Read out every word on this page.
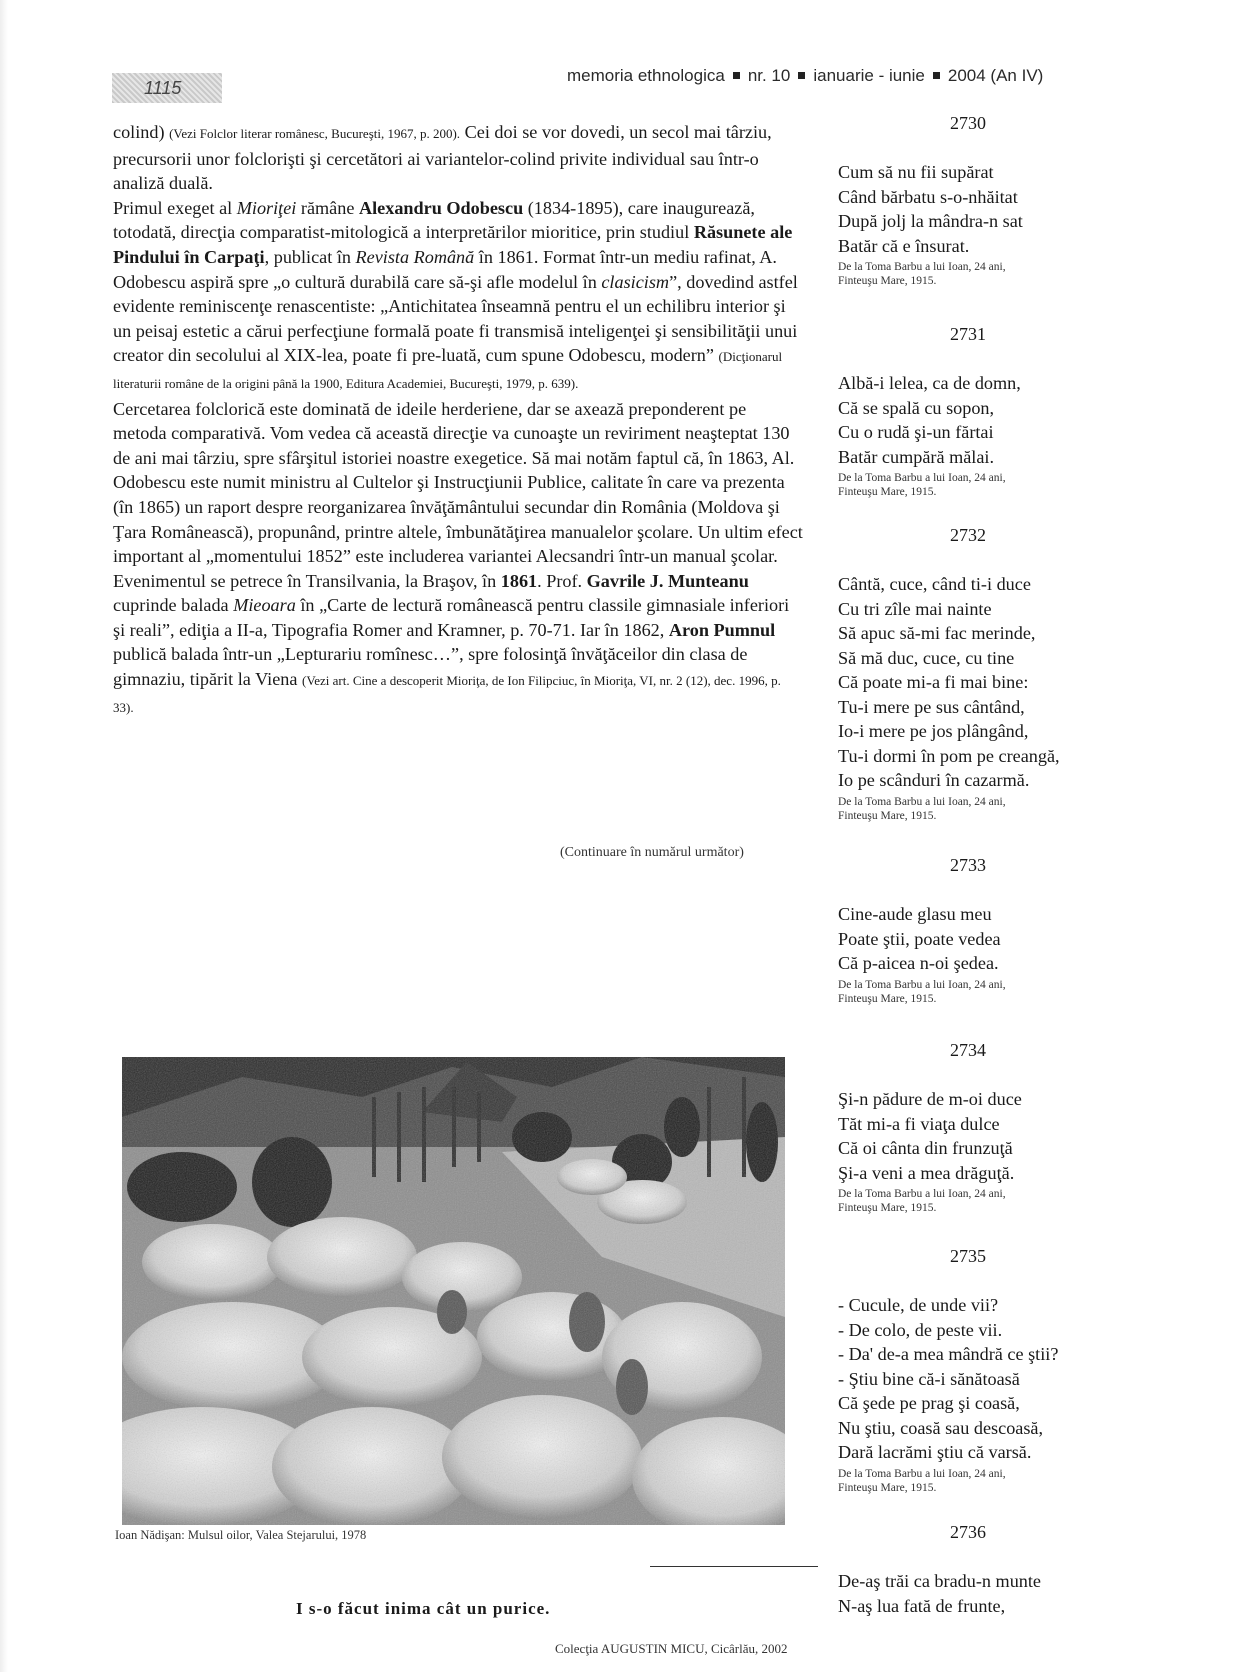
1115
memoria ethnologica nr. 10 ianuarie - iunie 2004 (An IV)

colind) (Vezi Folclor literar românesc, Bucureşti, 1967, p. 200). Cei doi se vor dovedi, un secol mai târziu, precursorii unor folclorişti şi cercetători ai variantelor-colind privite individual sau într-o analiză duală.

Primul exeget al Mioriţei rămâne Alexandru Odobescu (1834-1895), care inaugurează, totodată, direcţia comparatist-mitologică a interpretărilor mioritice, prin studiul Răsunete ale Pindului în Carpaţi, publicat în Revista Română în 1861. Format într-un mediu rafinat, A. Odobescu aspiră spre „o cultură durabilă care să-şi afle modelul în clasicism”, dovedind astfel evidente reminiscenţe renascentiste: „Antichitatea înseamnă pentru el un echilibru interior şi un peisaj estetic a cărui perfecţiune formală poate fi transmisă inteligenţei şi sensibilităţii unui creator din secolului al XIX-lea, poate fi pre-luată, cum spune Odobescu, modern” (Dicţionarul literaturii române de la origini până la 1900, Editura Academiei, Bucureşti, 1979, p. 639).

Cercetarea folclorică este dominată de ideile herderiene, dar se axează preponderent pe metoda comparativă. Vom vedea că această direcţie va cunoaşte un reviriment neaşteptat 130 de ani mai târziu, spre sfârşitul istoriei noastre exegetice. Să mai notăm faptul că, în 1863, Al. Odobescu este numit ministru al Cultelor şi Instrucţiunii Publice, calitate în care va prezenta (în 1865) un raport despre reorganizarea învăţământului secundar din România (Moldova şi Ţara Românească), propunând, printre altele, îmbunătăţirea manualelor şcolare. Un ultim efect important al „momentului 1852” este includerea variantei Alecsandri într-un manual şcolar. Evenimentul se petrece în Transilvania, la Braşov, în 1861. Prof. Gavrile J. Munteanu cuprinde balada Mieoara în „Carte de lectură românească pentru classile gimnasiale inferiori şi reali”, ediţia a II-a, Tipografia Romer and Kramner, p. 70-71. Iar în 1862, Aron Pumnul publică balada într-un „Lepturariu romînesc…”, spre folosinţă învăţăceilor din clasa de gimnaziu, tipărit la Viena (Vezi art. Cine a descoperit Mioriţa, de Ion Filipciuc, în Mioriţa, VI, nr. 2 (12), dec. 1996, p. 33).

(Continuare în numărul următor)
Ioan Nădişan: Mulsul oilor, Valea Stejarului, 1978
I s-o făcut inima cât un purice.
Colecţia AUGUSTIN MICU, Cicârlău, 2002
2730
Cum să nu fii supărat
Când bărbatu s-o-nhăitat
După jolj la mândra-n sat
Batăr că e însurat.
De la Toma Barbu a lui Ioan, 24 ani,
Finteuşu Mare, 1915.
2731
Albă-i lelea, ca de domn,
Că se spală cu sopon,
Cu o rudă şi-un fărtai
Batăr cumpără mălai.
De la Toma Barbu a lui Ioan, 24 ani,
Finteuşu Mare, 1915.
2732
Cântă, cuce, când ti-i duce
Cu tri zîle mai nainte
Să apuc să-mi fac merinde,
Să mă duc, cuce, cu tine
Că poate mi-a fi mai bine:
Tu-i mere pe sus cântând,
Io-i mere pe jos plângând,
Tu-i dormi în pom pe creangă,
Io pe scânduri în cazarmă.
De la Toma Barbu a lui Ioan, 24 ani,
Finteuşu Mare, 1915.
2733
Cine-aude glasu meu
Poate ştii, poate vedea
Că p-aicea n-oi şedea.
De la Toma Barbu a lui Ioan, 24 ani,
Finteuşu Mare, 1915.
2734
Şi-n pădure de m-oi duce
Tăt mi-a fi viaţa dulce
Că oi cânta din frunzuţă
Şi-a veni a mea drăguţă.
De la Toma Barbu a lui Ioan, 24 ani,
Finteuşu Mare, 1915.
2735
- Cucule, de unde vii?
- De colo, de peste vii.
- Da' de-a mea mândră ce ştii?
- Ştiu bine că-i sănătoasă
Că şede pe prag şi coasă,
Nu ştiu, coasă sau descoasă,
Dară lacrămi ştiu că varsă.
De la Toma Barbu a lui Ioan, 24 ani,
Finteuşu Mare, 1915.
2736
De-aş trăi ca bradu-n munte
N-aş lua fată de frunte,
